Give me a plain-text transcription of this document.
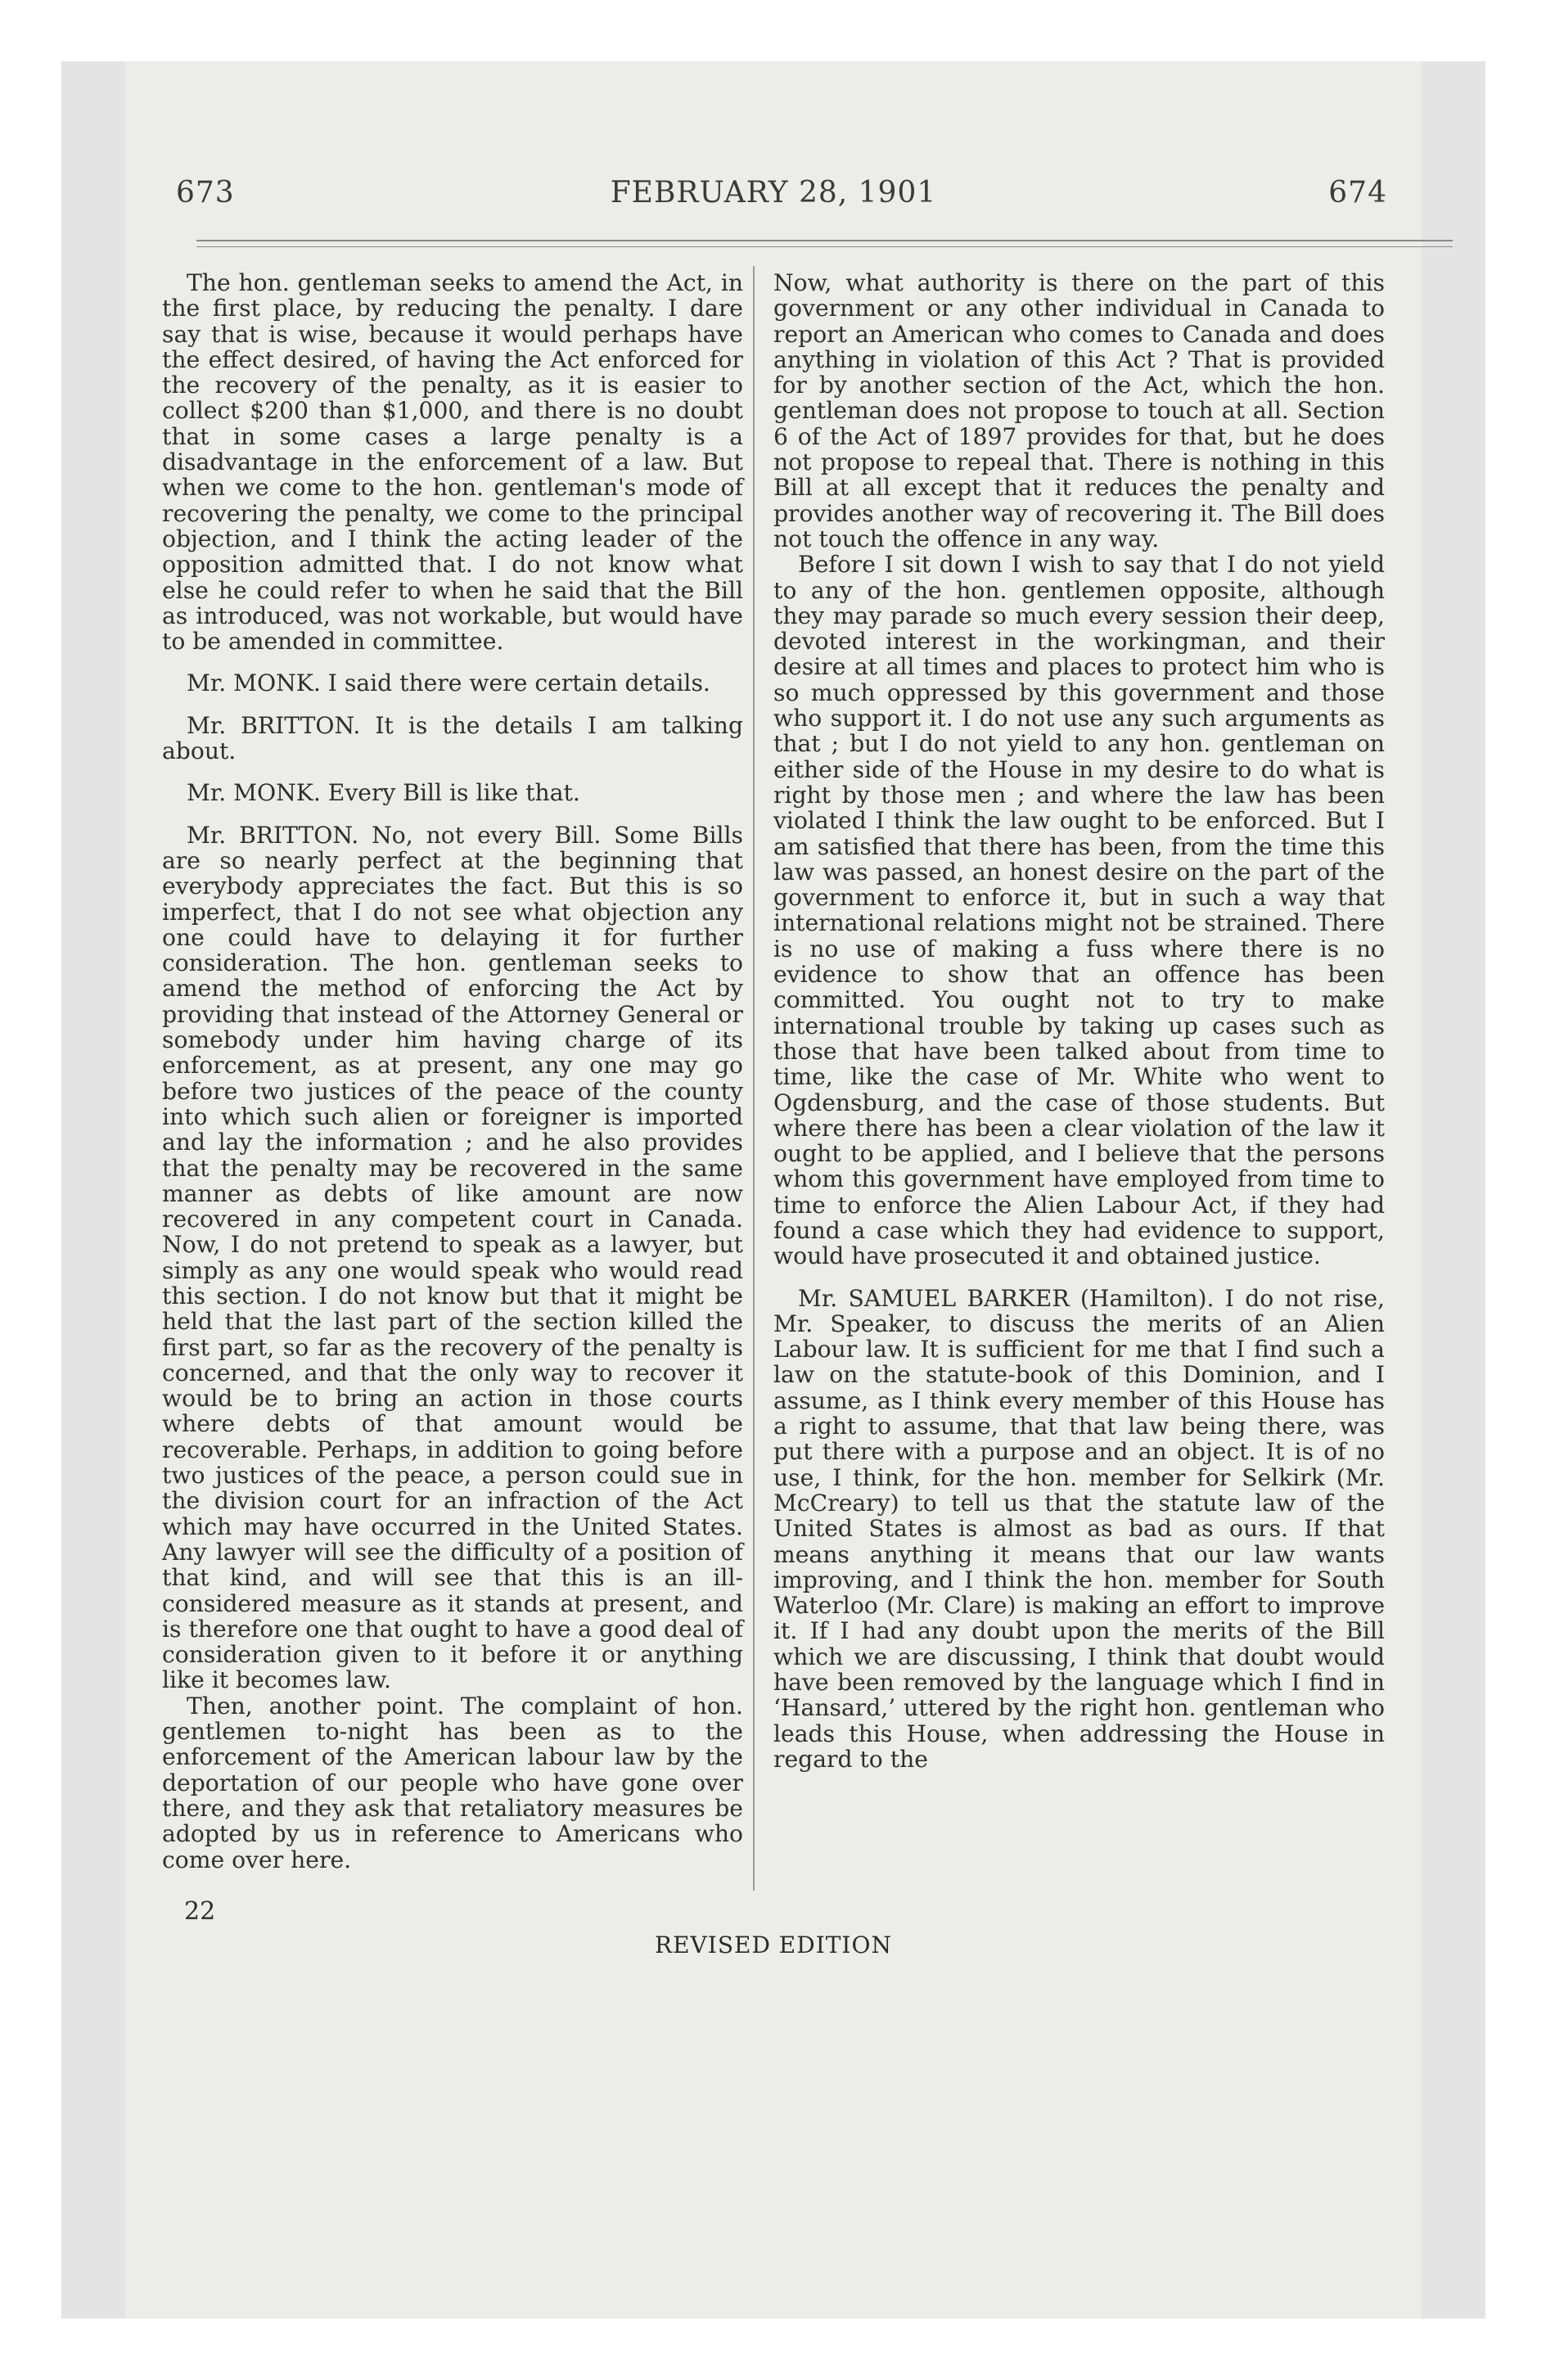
673	FEBRUARY 28, 1901	674

The hon. gentleman seeks to amend the Act, in the first place, by reducing the penalty. I dare say that is wise, because it would perhaps have the effect desired, of having the Act enforced for the recovery of the penalty, as it is easier to collect $200 than $1,000, and there is no doubt that in some cases a large penalty is a disadvantage in the enforcement of a law. But when we come to the hon. gentleman's mode of recovering the penalty, we come to the principal objection, and I think the acting leader of the opposition admitted that. I do not know what else he could refer to when he said that the Bill as introduced, was not workable, but would have to be amended in committee.

Mr. MONK. I said there were certain details.

Mr. BRITTON. It is the details I am talking about.

Mr. MONK. Every Bill is like that.

Mr. BRITTON. No, not every Bill. Some Bills are so nearly perfect at the beginning that everybody appreciates the fact. But this is so imperfect, that I do not see what objection any one could have to delaying it for further consideration. The hon. gentleman seeks to amend the method of enforcing the Act by providing that instead of the Attorney General or somebody under him having charge of its enforcement, as at present, any one may go before two justices of the peace of the county into which such alien or foreigner is imported and lay the information ; and he also provides that the penalty may be recovered in the same manner as debts of like amount are now recovered in any competent court in Canada. Now, I do not pretend to speak as a lawyer, but simply as any one would speak who would read this section. I do not know but that it might be held that the last part of the section killed the first part, so far as the recovery of the penalty is concerned, and that the only way to recover it would be to bring an action in those courts where debts of that amount would be recoverable. Perhaps, in addition to going before two justices of the peace, a person could sue in the division court for an infraction of the Act which may have occurred in the United States. Any lawyer will see the difficulty of a position of that kind, and will see that this is an ill-considered measure as it stands at present, and is therefore one that ought to have a good deal of consideration given to it before it or anything like it becomes law.

Then, another point. The complaint of hon. gentlemen to-night has been as to the enforcement of the American labour law by the deportation of our people who have gone over there, and they ask that retaliatory measures be adopted by us in reference to Americans who come over here.

Now, what authority is there on the part of this government or any other individual in Canada to report an American who comes to Canada and does anything in violation of this Act ? That is provided for by another section of the Act, which the hon. gentleman does not propose to touch at all. Section 6 of the Act of 1897 provides for that, but he does not propose to repeal that. There is nothing in this Bill at all except that it reduces the penalty and provides another way of recovering it. The Bill does not touch the offence in any way.

Before I sit down I wish to say that I do not yield to any of the hon. gentlemen opposite, although they may parade so much every session their deep, devoted interest in the workingman, and their desire at all times and places to protect him who is so much oppressed by this government and those who support it. I do not use any such arguments as that ; but I do not yield to any hon. gentleman on either side of the House in my desire to do what is right by those men ; and where the law has been violated I think the law ought to be enforced. But I am satisfied that there has been, from the time this law was passed, an honest desire on the part of the government to enforce it, but in such a way that international relations might not be strained. There is no use of making a fuss where there is no evidence to show that an offence has been committed. You ought not to try to make international trouble by taking up cases such as those that have been talked about from time to time, like the case of Mr. White who went to Ogdensburg, and the case of those students. But where there has been a clear violation of the law it ought to be applied, and I believe that the persons whom this government have employed from time to time to enforce the Alien Labour Act, if they had found a case which they had evidence to support, would have prosecuted it and obtained justice.

Mr. SAMUEL BARKER (Hamilton). I do not rise, Mr. Speaker, to discuss the merits of an Alien Labour law. It is sufficient for me that I find such a law on the statute-book of this Dominion, and I assume, as I think every member of this House has a right to assume, that that law being there, was put there with a purpose and an object. It is of no use, I think, for the hon. member for Selkirk (Mr. McCreary) to tell us that the statute law of the United States is almost as bad as ours. If that means anything it means that our law wants improving, and I think the hon. member for South Waterloo (Mr. Clare) is making an effort to improve it. If I had any doubt upon the merits of the Bill which we are discussing, I think that doubt would have been removed by the language which I find in ‘Hansard,’ uttered by the right hon. gentleman who leads this House, when addressing the House in regard to the

22
REVISED EDITION
